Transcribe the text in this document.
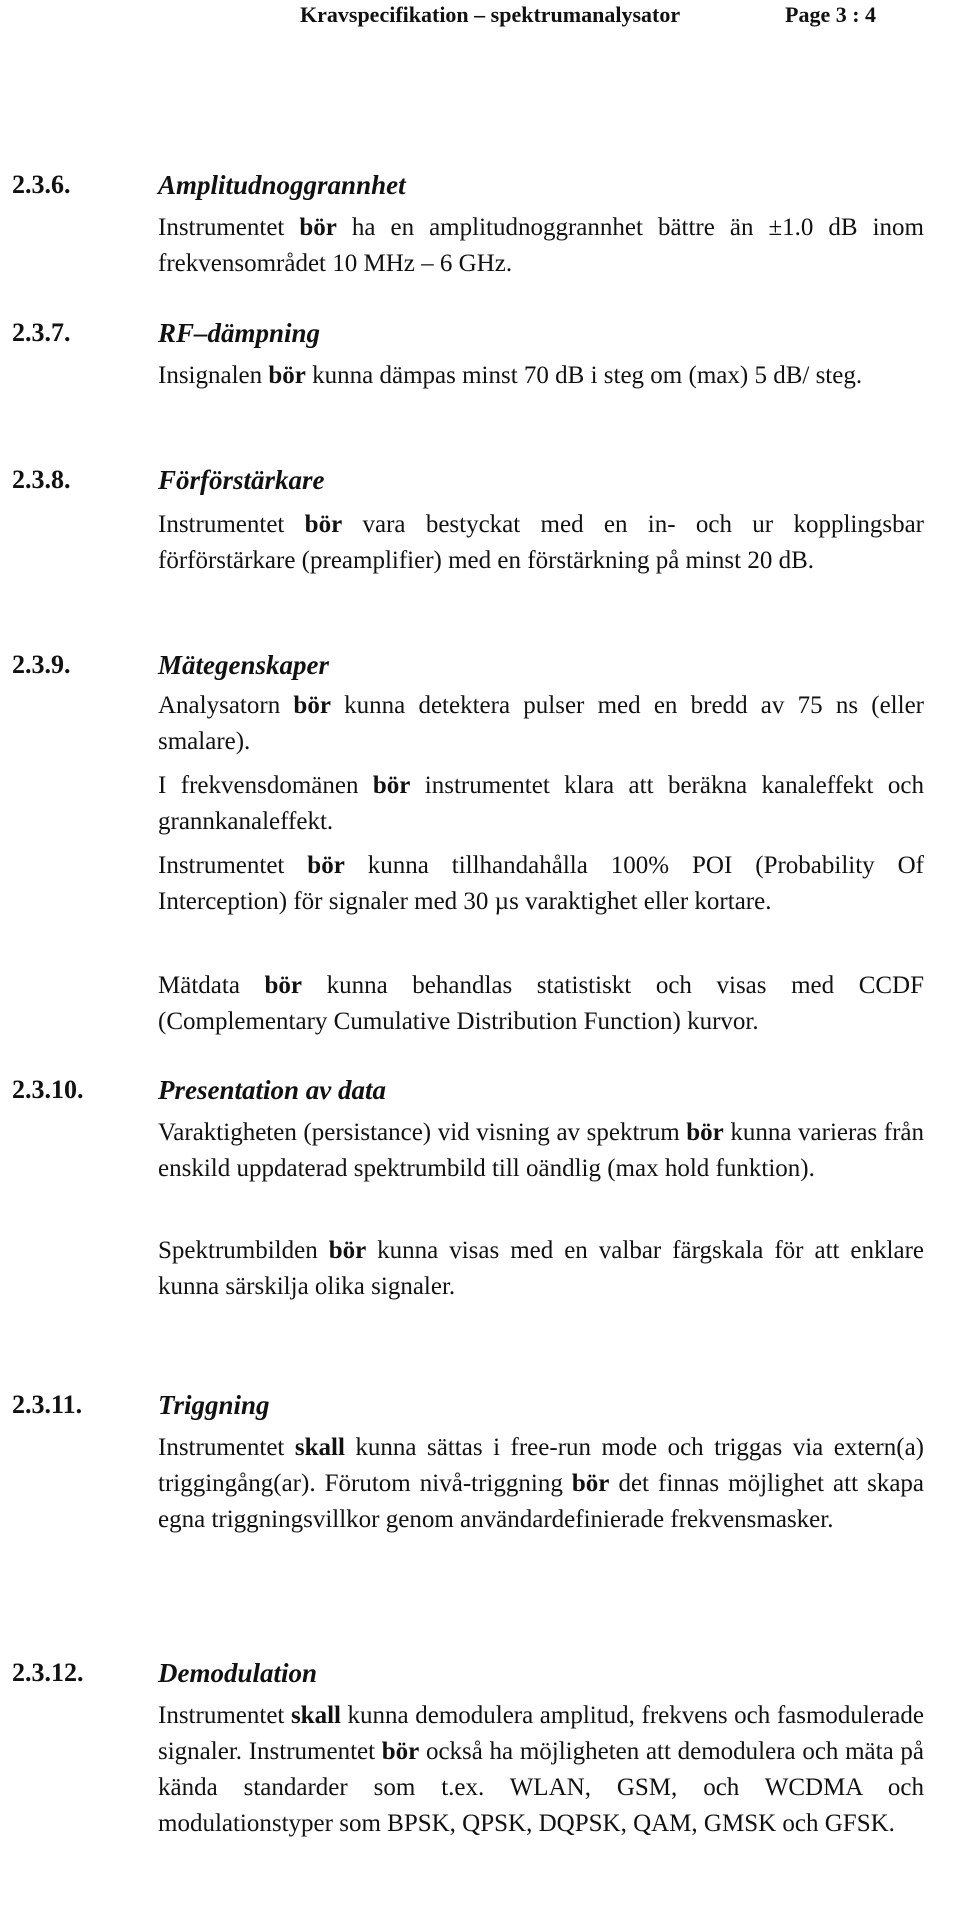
Kravspecifikation – spektrumanalysator	Page 3 : 4
2.3.6.	Amplitudnoggrannhet

Instrumentet bör ha en amplitudnoggrannhet bättre än ±1.0 dB inom frekvensområdet 10 MHz – 6 GHz.

2.3.7.	RF–dämpning

Insignalen bör kunna dämpas minst 70 dB i steg om (max) 5 dB/ steg.

2.3.8.	Förförstärkare

Instrumentet bör vara bestyckat med en in- och ur kopplingsbar förförstärkare (preamplifier) med en förstärkning på minst 20 dB.

2.3.9.	Mätegenskaper

Analysatorn bör kunna detektera pulser med en bredd av 75 ns (eller smalare).

I frekvensdomänen bör instrumentet klara att beräkna kanaleffekt och grannkanaleffekt.

Instrumentet bör kunna tillhandahålla 100% POI (Probability Of Interception) för signaler med 30 µs varaktighet eller kortare.

Mätdata bör kunna behandlas statistiskt och visas med CCDF (Complementary Cumulative Distribution Function) kurvor.

2.3.10.	Presentation av data

Varaktigheten (persistance) vid visning av spektrum bör kunna varieras från enskild uppdaterad spektrumbild till oändlig (max hold funktion).

Spektrumbilden bör kunna visas med en valbar färgskala för att enklare kunna särskilja olika signaler.

2.3.11.	Triggning

Instrumentet skall kunna sättas i free-run mode och triggas via extern(a) triggingång(ar). Förutom nivå-triggning bör det finnas möjlighet att skapa egna triggningsvillkor genom användardefinierade frekvensmasker.

2.3.12.	Demodulation

Instrumentet skall kunna demodulera amplitud, frekvens och fasmodulerade signaler. Instrumentet bör också ha möjligheten att demodulera och mäta på kända standarder som t.ex. WLAN, GSM, och WCDMA och modulationstyper som BPSK, QPSK, DQPSK, QAM, GMSK och GFSK.
